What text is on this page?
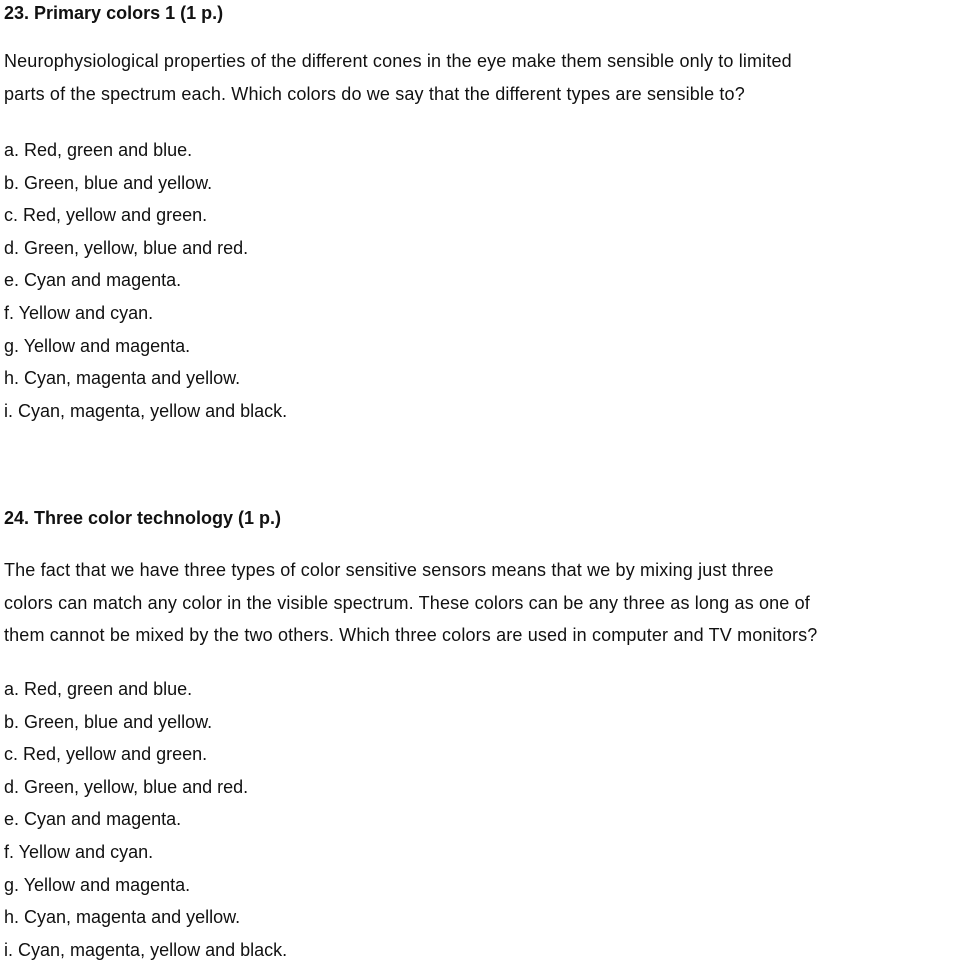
23. Primary colors 1 (1 p.)

Neurophysiological properties of the different cones in the eye make them sensible only to limited
parts of the spectrum each. Which colors do we say that the different types are sensible to?

a. Red, green and blue.
b. Green, blue and yellow.
c. Red, yellow and green.
d. Green, yellow, blue and red.
e. Cyan and magenta.
f. Yellow and cyan.
g. Yellow and magenta.
h. Cyan, magenta and yellow.
i. Cyan, magenta, yellow and black.
24. Three color technology (1 p.)

The fact that we have three types of color sensitive sensors means that we by mixing just three
colors can match any color in the visible spectrum. These colors can be any three as long as one of
them cannot be mixed by the two others. Which three colors are used in computer and TV monitors?

a. Red, green and blue.
b. Green, blue and yellow.
c. Red, yellow and green.
d. Green, yellow, blue and red.
e. Cyan and magenta.
f. Yellow and cyan.
g. Yellow and magenta.
h. Cyan, magenta and yellow.
i. Cyan, magenta, yellow and black.
